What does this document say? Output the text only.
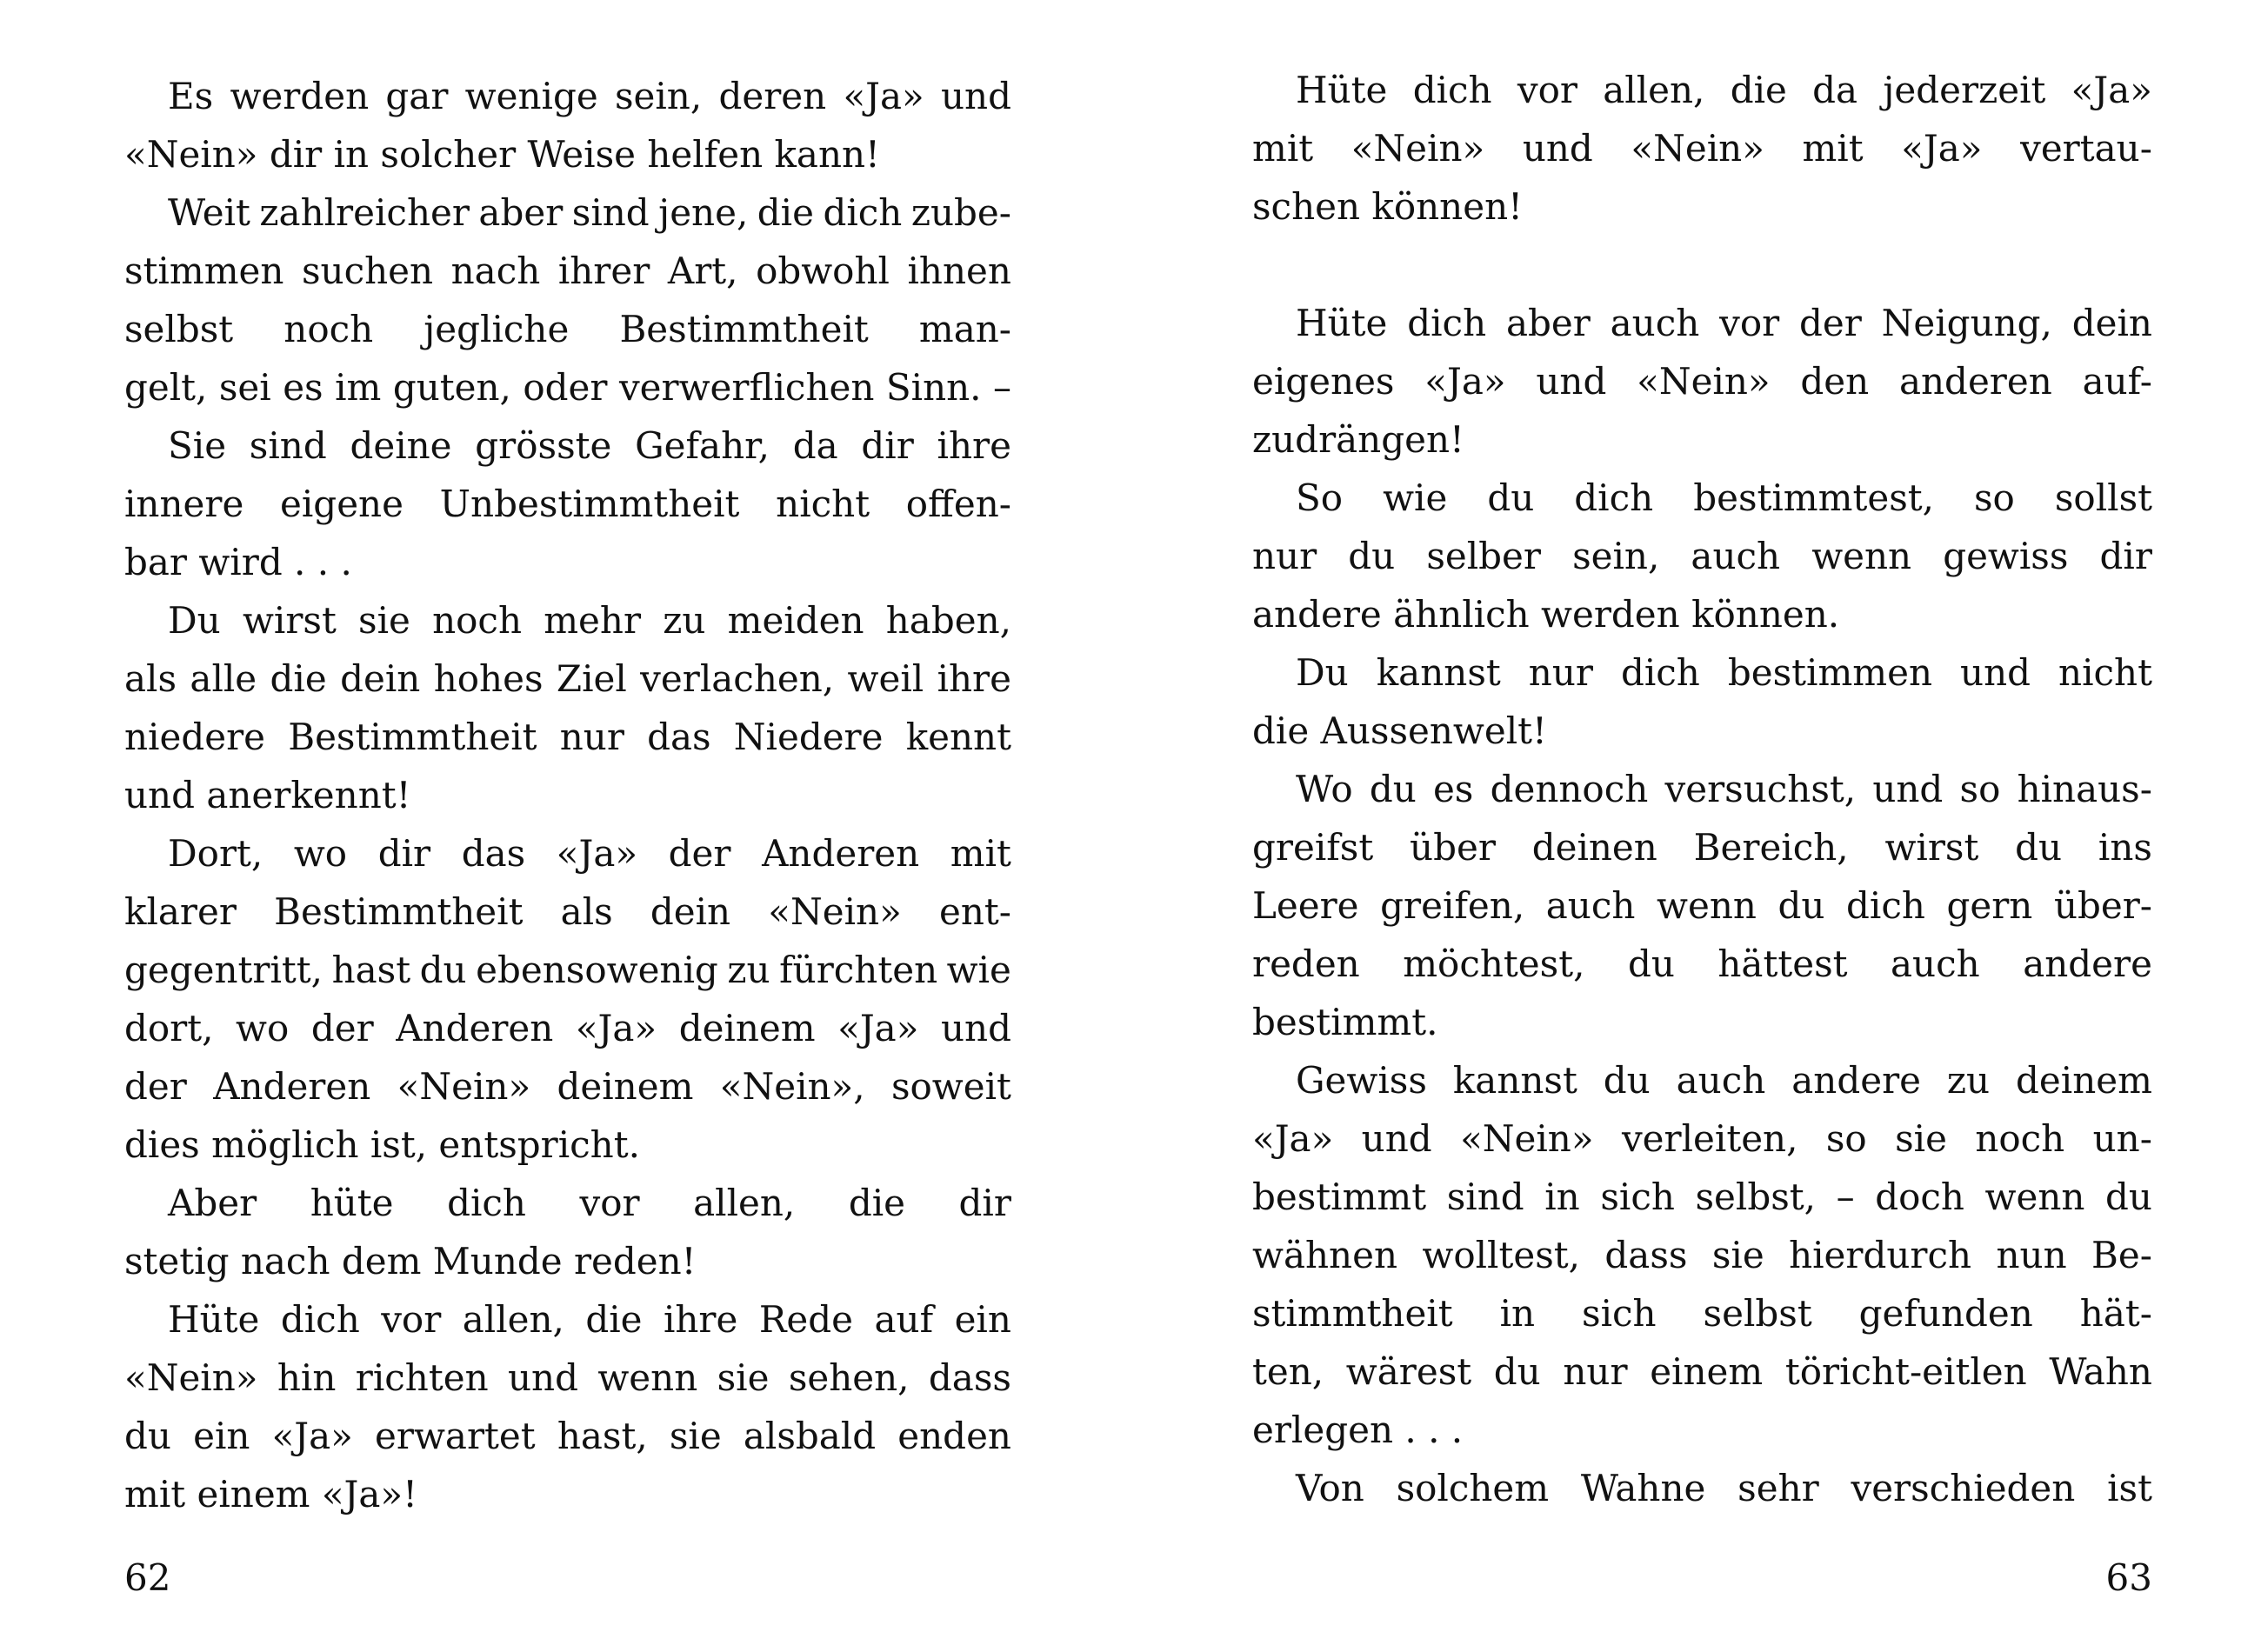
Es werden gar wenige sein, deren «Ja» und
«Nein» dir in solcher Weise helfen kann!
Weit zahlreicher aber sind jene, die dich zube-
stimmen suchen nach ihrer Art, obwohl ihnen
selbst noch jegliche Bestimmtheit man-
gelt, sei es im guten, oder verwerflichen Sinn. –
Sie sind deine grösste Gefahr, da dir ihre
innere eigene Unbestimmtheit nicht offen-
bar wird . . .
Du wirst sie noch mehr zu meiden haben,
als alle die dein hohes Ziel verlachen, weil ihre
niedere Bestimmtheit nur das Niedere kennt
und anerkennt!
Dort, wo dir das «Ja» der Anderen mit
klarer Bestimmtheit als dein «Nein» ent-
gegentritt, hast du ebensowenig zu fürchten wie
dort, wo der Anderen «Ja» deinem «Ja» und
der Anderen «Nein» deinem «Nein», soweit
dies möglich ist, entspricht.
Aber hüte dich vor allen, die dir
stetig nach dem Munde reden!
Hüte dich vor allen, die ihre Rede auf ein
«Nein» hin richten und wenn sie sehen, dass
du ein «Ja» erwartet hast, sie alsbald enden
mit einem «Ja»!
62
Hüte dich vor allen, die da jederzeit «Ja»
mit «Nein» und «Nein» mit «Ja» vertau-
schen können!
Hüte dich aber auch vor der Neigung, dein
eigenes «Ja» und «Nein» den anderen auf-
zudrängen!
So wie du dich bestimmtest, so sollst
nur du selber sein, auch wenn gewiss dir
andere ähnlich werden können.
Du kannst nur dich bestimmen und nicht
die Aussenwelt!
Wo du es dennoch versuchst, und so hinaus-
greifst über deinen Bereich, wirst du ins
Leere greifen, auch wenn du dich gern über-
reden möchtest, du hättest auch andere
bestimmt.
Gewiss kannst du auch andere zu deinem
«Ja» und «Nein» verleiten, so sie noch un-
bestimmt sind in sich selbst, – doch wenn du
wähnen wolltest, dass sie hierdurch nun Be-
stimmtheit in sich selbst gefunden hät-
ten, wärest du nur einem töricht-eitlen Wahn
erlegen . . .
Von solchem Wahne sehr verschieden ist
63
